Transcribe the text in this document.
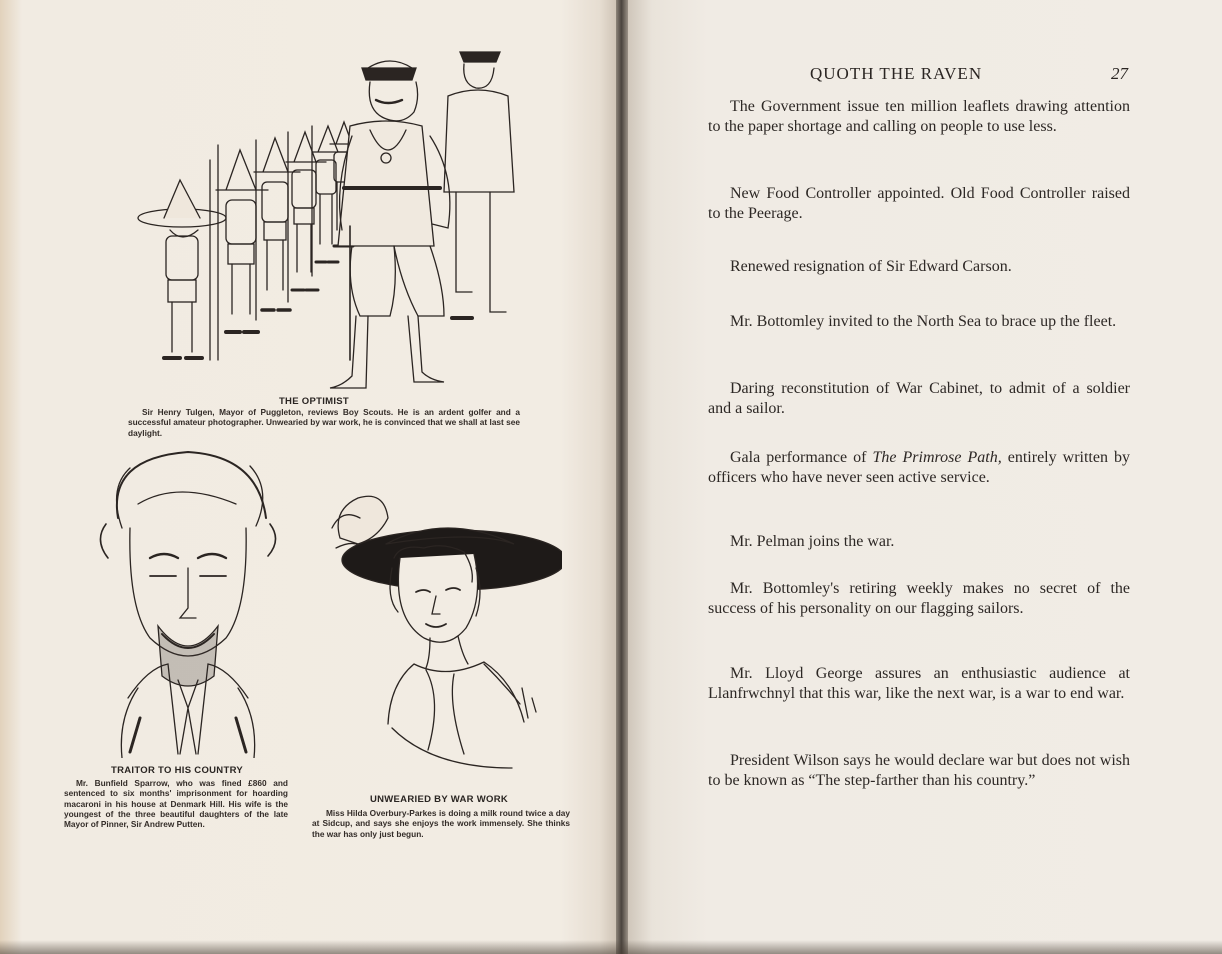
THE OPTIMIST
Sir Henry Tulgen, Mayor of Puggleton, reviews Boy Scouts. He is an ardent golfer and a successful amateur photographer. Unwearied by war work, he is convinced that we shall at last see daylight.
TRAITOR TO HIS COUNTRY
Mr. Bunfield Sparrow, who was fined £860 and sentenced to six months' imprisonment for hoarding macaroni in his house at Denmark Hill. His wife is the youngest of the three beautiful daughters of the late Mayor of Pinner, Sir Andrew Putten.
UNWEARIED BY WAR WORK
Miss Hilda Overbury-Parkes is doing a milk round twice a day at Sidcup, and says she enjoys the work immensely. She thinks the war has only just begun.
QUOTH THE RAVEN	27
The Government issue ten million leaflets drawing attention to the paper shortage and calling on people to use less.
New Food Controller appointed. Old Food Controller raised to the Peerage.
Renewed resignation of Sir Edward Carson.
Mr. Bottomley invited to the North Sea to brace up the fleet.
Daring reconstitution of War Cabinet, to admit of a soldier and a sailor.
Gala performance of The Primrose Path, entirely written by officers who have never seen active service.
Mr. Pelman joins the war.
Mr. Bottomley's retiring weekly makes no secret of the success of his personality on our flagging sailors.
Mr. Lloyd George assures an enthusiastic audience at Llanfrwchnyl that this war, like the next war, is a war to end war.
President Wilson says he would declare war but does not wish to be known as “The step-farther than his country.”
